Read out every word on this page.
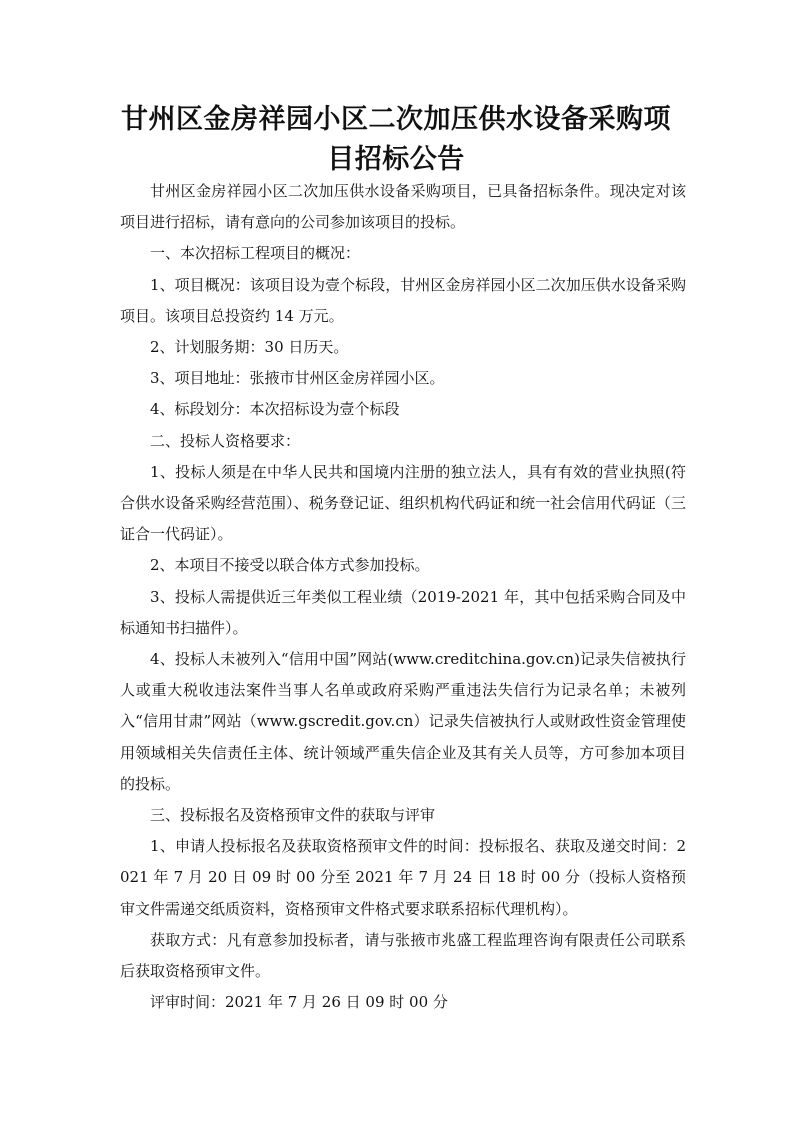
甘州区金房祥园小区二次加压供水设备采购项
目招标公告

甘州区金房祥园小区二次加压供水设备采购项目，已具备招标条件。现决定对该项目进行招标，请有意向的公司参加该项目的投标。

一、本次招标工程项目的概况：

1、项目概况：该项目设为壹个标段，甘州区金房祥园小区二次加压供水设备采购项目。该项目总投资约 14 万元。

2、计划服务期：30 日历天。

3、项目地址：张掖市甘州区金房祥园小区。

4、标段划分：本次招标设为壹个标段

二、投标人资格要求：

1、投标人须是在中华人民共和国境内注册的独立法人，具有有效的营业执照(符合供水设备采购经营范围）、税务登记证、组织机构代码证和统一社会信用代码证（三证合一代码证）。

2、本项目不接受以联合体方式参加投标。

3、投标人需提供近三年类似工程业绩（2019-2021 年，其中包括采购合同及中标通知书扫描件）。

4、投标人未被列入“信用中国”网站(www.creditchina.gov.cn)记录失信被执行人或重大税收违法案件当事人名单或政府采购严重违法失信行为记录名单；未被列入“信用甘肃”网站（www.gscredit.gov.cn）记录失信被执行人或财政性资金管理使用领域相关失信责任主体、统计领域严重失信企业及其有关人员等，方可参加本项目的投标。

三、投标报名及资格预审文件的获取与评审

1、申请人投标报名及获取资格预审文件的时间：投标报名、获取及递交时间：2021 年 7 月 20 日 09 时 00 分至 2021 年 7 月 24 日 18 时 00 分（投标人资格预审文件需递交纸质资料，资格预审文件格式要求联系招标代理机构）。

获取方式：凡有意参加投标者，请与张掖市兆盛工程监理咨询有限责任公司联系后获取资格预审文件。

评审时间：2021 年 7 月 26 日 09 时 00 分
